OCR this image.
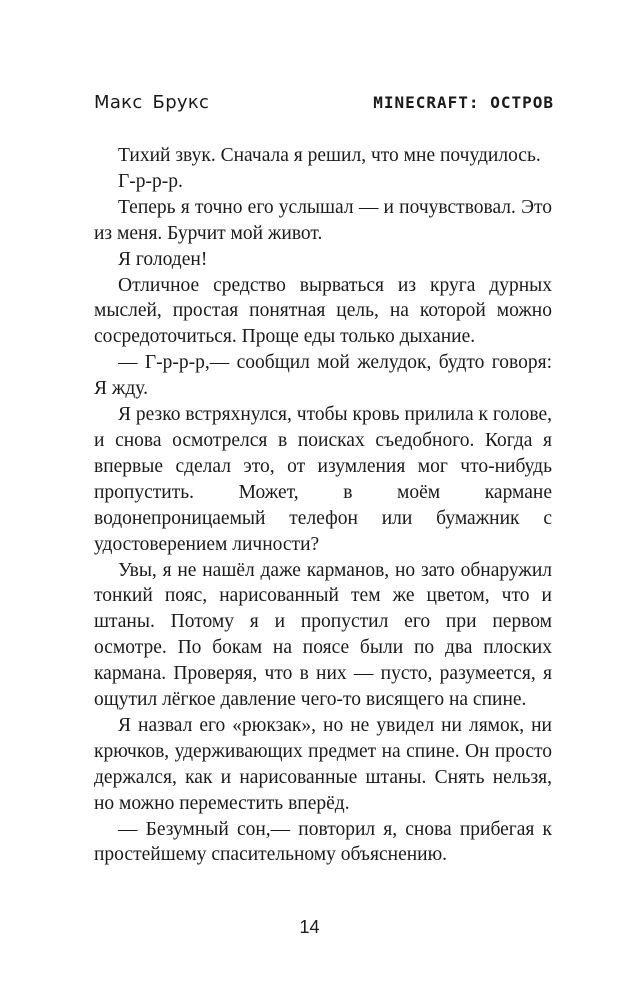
Макс Брукс	MINECRAFT: ОСТРОВ

Тихий звук. Сначала я решил, что мне почудилось.

Г-р-р-р.

Теперь я точно его услышал — и почувствовал. Это из меня. Бурчит мой живот.

Я голоден!

Отличное средство вырваться из круга дурных мыслей, простая понятная цель, на которой можно сосредоточиться. Проще еды только дыхание.

— Г-р-р-р,— сообщил мой желудок, будто говоря: Я жду.

Я резко встряхнулся, чтобы кровь прилила к голове, и снова осмотрелся в поисках съедобного. Когда я впервые сделал это, от изумления мог что-нибудь пропустить. Может, в моём кармане водонепроницаемый телефон или бумажник с удостоверением личности?

Увы, я не нашёл даже карманов, но зато обнаружил тонкий пояс, нарисованный тем же цветом, что и штаны. Потому я и пропустил его при первом осмотре. По бокам на поясе были по два плоских кармана. Проверяя, что в них — пусто, разумеется, я ощутил лёгкое давление чего-то висящего на спине.

Я назвал его «рюкзак», но не увидел ни лямок, ни крючков, удерживающих предмет на спине. Он просто держался, как и нарисованные штаны. Снять нельзя, но можно переместить вперёд.

— Безумный сон,— повторил я, снова прибегая к простейшему спасительному объяснению.

14
